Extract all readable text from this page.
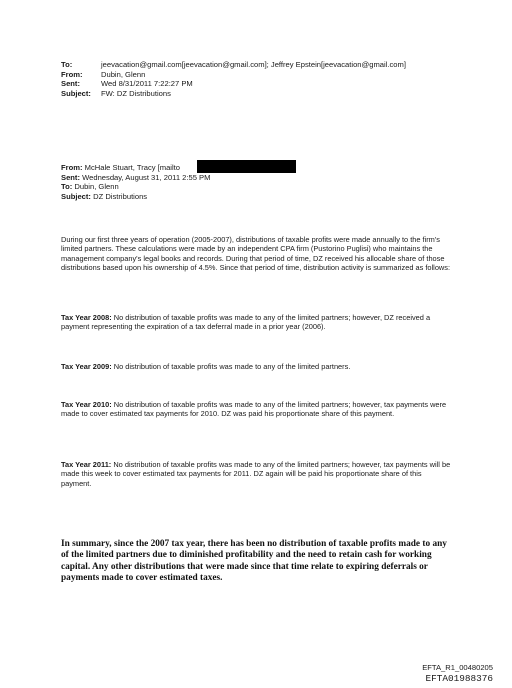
To:	jeevacation@gmail.com[jeevacation@gmail.com]; Jeffrey Epstein[jeevacation@gmail.com]
From:	Dubin, Glenn
Sent:	Wed 8/31/2011 7:22:27 PM
Subject:	FW: DZ Distributions
From: McHale Stuart, Tracy [mailto
Sent: Wednesday, August 31, 2011 2:55 PM
To: Dubin, Glenn
Subject: DZ Distributions

During our first three years of operation (2005-2007), distributions of taxable profits were made annually to the firm's limited partners. These calculations were made by an independent CPA firm (Pustorino Puglisi) who maintains the management company's legal books and records. During that period of time, DZ received his allocable share of those distributions based upon his ownership of 4.5%. Since that period of time, distribution activity is summarized as follows:

Tax Year 2008: No distribution of taxable profits was made to any of the limited partners; however, DZ received a payment representing the expiration of a tax deferral made in a prior year (2006).

Tax Year 2009: No distribution of taxable profits was made to any of the limited partners.

Tax Year 2010: No distribution of taxable profits was made to any of the limited partners; however, tax payments were made to cover estimated tax payments for 2010. DZ was paid his proportionate share of this payment.

Tax Year 2011: No distribution of taxable profits was made to any of the limited partners; however, tax payments will be made this week to cover estimated tax payments for 2011. DZ again will be paid his proportionate share of this payment.

In summary, since the 2007 tax year, there has been no distribution of taxable profits made to any of the limited partners due to diminished profitability and the need to retain cash for working capital. Any other distributions that were made since that time relate to expiring deferrals or payments made to cover estimated taxes.

EFTA_R1_00480205
EFTA01988376
